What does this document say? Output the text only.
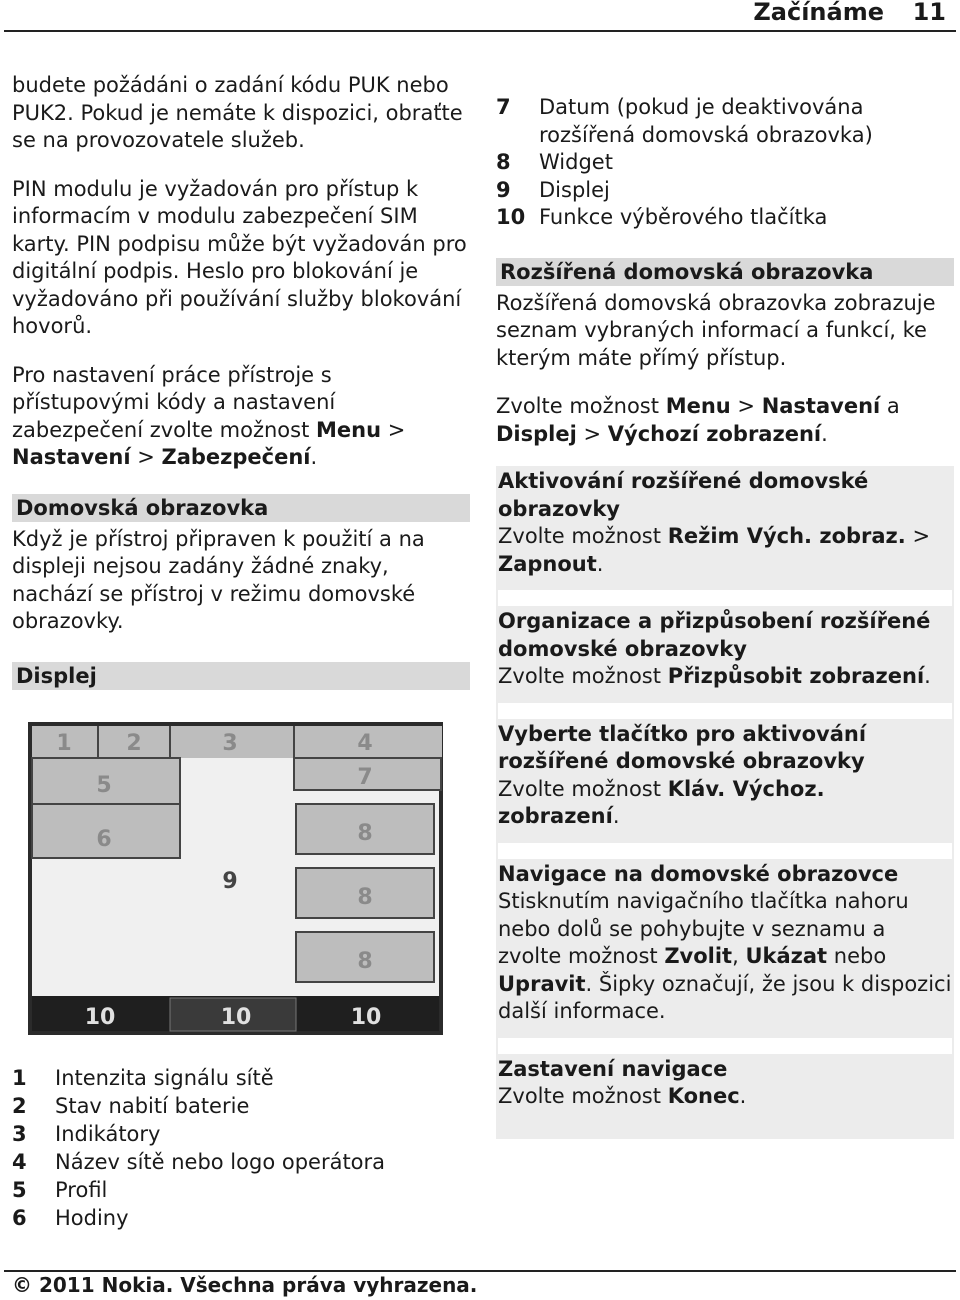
Začínáme 11

budete požádáni o zadání kódu PUK nebo PUK2. Pokud je nemáte k dispozici, obraťte se na provozovatele služeb.

PIN modulu je vyžadován pro přístup k informacím v modulu zabezpečení SIM karty. PIN podpisu může být vyžadován pro digitální podpis. Heslo pro blokování je vyžadováno při používání služby blokování hovorů.

Pro nastavení práce přístroje s přístupovými kódy a nastavení zabezpečení zvolte možnost Menu > Nastavení > Zabezpečení.

Domovská obrazovka

Když je přístroj připraven k použití a na displeji nejsou zadány žádné znaky, nachází se přístroj v režimu domovské obrazovky.

Displej
1 2	3	4
5	7
6	8
9
8
8
10	10	10
1	Intenzita signálu sítě
2	Stav nabití baterie
3	Indikátory
4	Název sítě nebo logo operátora
5	Profil
6	Hodiny
7	Datum (pokud je deaktivována rozšířená domovská obrazovka)
8	Widget
9	Displej
10 Funkce výběrového tlačítka
Rozšířená domovská obrazovka

Rozšířená domovská obrazovka zobrazuje seznam vybraných informací a funkcí, ke kterým máte přímý přístup.

Zvolte možnost Menu > Nastavení a Displej > Výchozí zobrazení.

Aktivování rozšířené domovské obrazovky

Zvolte možnost Režim Vých. zobraz. > Zapnout.

Organizace a přizpůsobení rozšířené domovské obrazovky

Zvolte možnost Přizpůsobit zobrazení.

Vyberte tlačítko pro aktivování rozšířené domovské obrazovky

Zvolte možnost Kláv. Výchoz. zobrazení.

Navigace na domovské obrazovce

Stisknutím navigačního tlačítka nahoru nebo dolů se pohybujte v seznamu a zvolte možnost Zvolit, Ukázat nebo Upravit. Šipky označují, že jsou k dispozici další informace.

Zastavení navigace

Zvolte možnost Konec.

© 2011 Nokia. Všechna práva vyhrazena.
